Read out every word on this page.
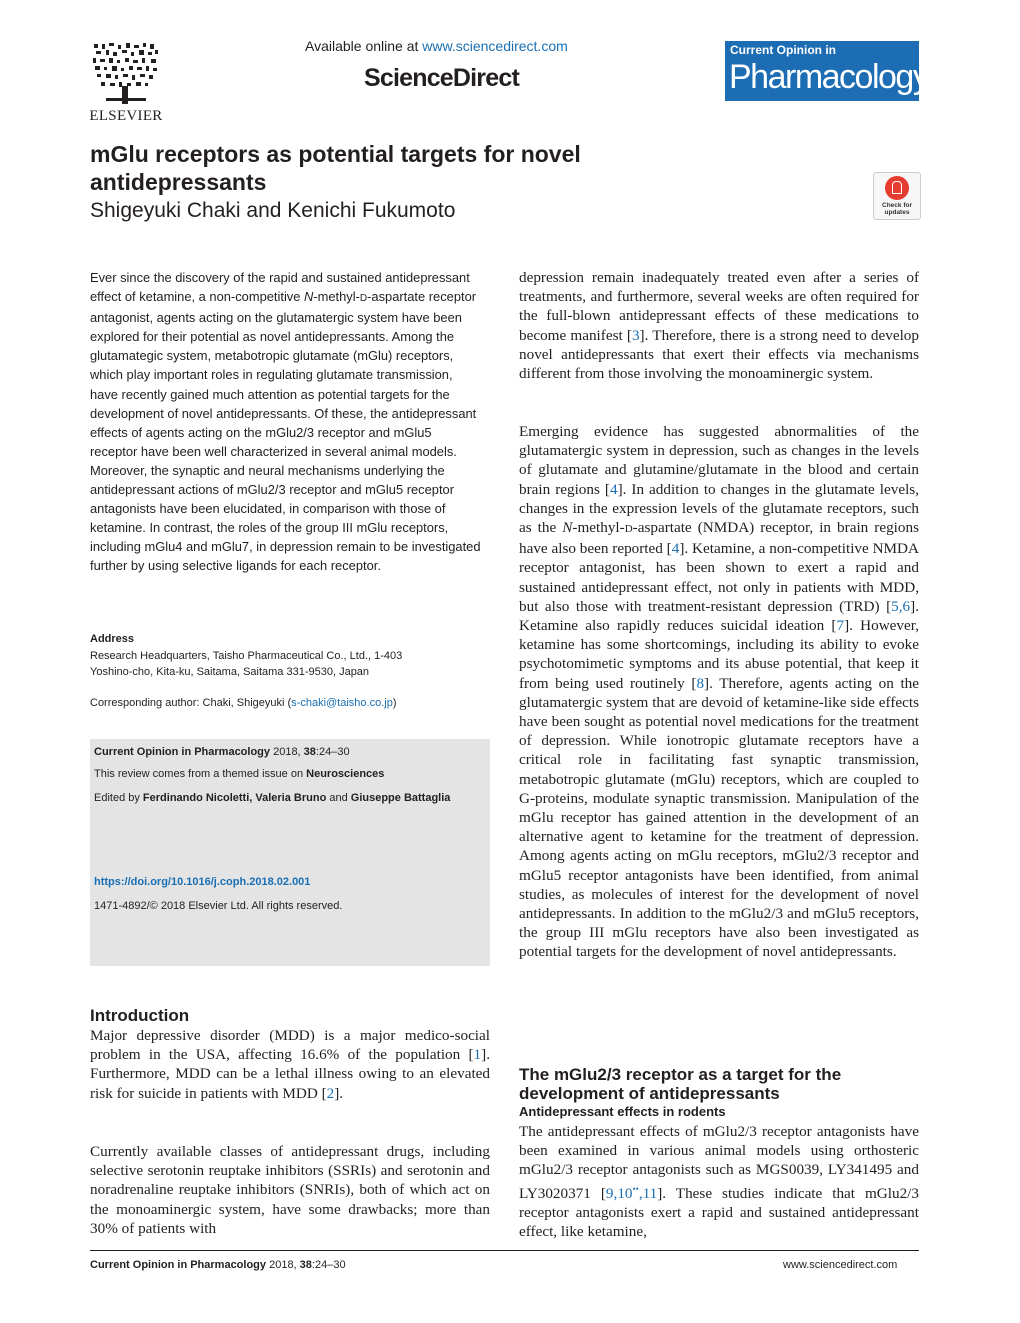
ELSEVIER
Available online at www.sciencedirect.com
ScienceDirect
Current Opinion in
Pharmacology
mGlu receptors as potential targets for novel antidepressants
Shigeyuki Chaki and Kenichi Fukumoto	Check for updates
Ever since the discovery of the rapid and sustained antidepressant effect of ketamine, a non-competitive N-methyl-D-aspartate receptor antagonist, agents acting on the glutamatergic system have been explored for their potential as novel antidepressants. Among the glutamategic system, metabotropic glutamate (mGlu) receptors, which play important roles in regulating glutamate transmission, have recently gained much attention as potential targets for the development of novel antidepressants. Of these, the antidepressant effects of agents acting on the mGlu2/3 receptor and mGlu5 receptor have been well characterized in several animal models. Moreover, the synaptic and neural mechanisms underlying the antidepressant actions of mGlu2/3 receptor and mGlu5 receptor antagonists have been elucidated, in comparison with those of ketamine. In contrast, the roles of the group III mGlu receptors, including mGlu4 and mGlu7, in depression remain to be investigated further by using selective ligands for each receptor.
Address
Research Headquarters, Taisho Pharmaceutical Co., Ltd., 1-403
Yoshino-cho, Kita-ku, Saitama, Saitama 331-9530, Japan
Corresponding author: Chaki, Shigeyuki (s-chaki@taisho.co.jp)
Current Opinion in Pharmacology 2018, 38:24–30
This review comes from a themed issue on Neurosciences
Edited by Ferdinando Nicoletti, Valeria Bruno and Giuseppe Battaglia
https://doi.org/10.1016/j.coph.2018.02.001
1471-4892/© 2018 Elsevier Ltd. All rights reserved.
Introduction
Major depressive disorder (MDD) is a major medico-social problem in the USA, affecting 16.6% of the population [1]. Furthermore, MDD can be a lethal illness owing to an elevated risk for suicide in patients with MDD [2].
Currently available classes of antidepressant drugs, including selective serotonin reuptake inhibitors (SSRIs) and serotonin and noradrenaline reuptake inhibitors (SNRIs), both of which act on the monoaminergic system, have some drawbacks; more than 30% of patients with
depression remain inadequately treated even after a series of treatments, and furthermore, several weeks are often required for the full-blown antidepressant effects of these medications to become manifest [3]. Therefore, there is a strong need to develop novel antidepressants that exert their effects via mechanisms different from those involving the monoaminergic system.
Emerging evidence has suggested abnormalities of the glutamatergic system in depression, such as changes in the levels of glutamate and glutamine/glutamate in the blood and certain brain regions [4]. In addition to changes in the glutamate levels, changes in the expression levels of the glutamate receptors, such as the N-methyl-D-aspartate (NMDA) receptor, in brain regions have also been reported [4]. Ketamine, a non-competitive NMDA receptor antagonist, has been shown to exert a rapid and sustained antidepressant effect, not only in patients with MDD, but also those with treatment-resistant depression (TRD) [5,6]. Ketamine also rapidly reduces suicidal ideation [7]. However, ketamine has some shortcomings, including its ability to evoke psychotomimetic symptoms and its abuse potential, that keep it from being used routinely [8]. Therefore, agents acting on the glutamatergic system that are devoid of ketamine-like side effects have been sought as potential novel medications for the treatment of depression. While ionotropic glutamate receptors have a critical role in facilitating fast synaptic transmission, metabotropic glutamate (mGlu) receptors, which are coupled to G-proteins, modulate synaptic transmission. Manipulation of the mGlu receptor has gained attention in the development of an alternative agent to ketamine for the treatment of depression. Among agents acting on mGlu receptors, mGlu2/3 receptor and mGlu5 receptor antagonists have been identified, from animal studies, as molecules of interest for the development of novel antidepressants. In addition to the mGlu2/3 and mGlu5 receptors, the group III mGlu receptors have also been investigated as potential targets for the development of novel antidepressants.
The mGlu2/3 receptor as a target for the development of antidepressants
Antidepressant effects in rodents
The antidepressant effects of mGlu2/3 receptor antagonists have been examined in various animal models using orthosteric mGlu2/3 receptor antagonists such as MGS0039, LY341495 and LY3020371 [9,10••,11]. These studies indicate that mGlu2/3 receptor antagonists exert a rapid and sustained antidepressant effect, like ketamine,
Current Opinion in Pharmacology 2018, 38:24–30	www.sciencedirect.com
